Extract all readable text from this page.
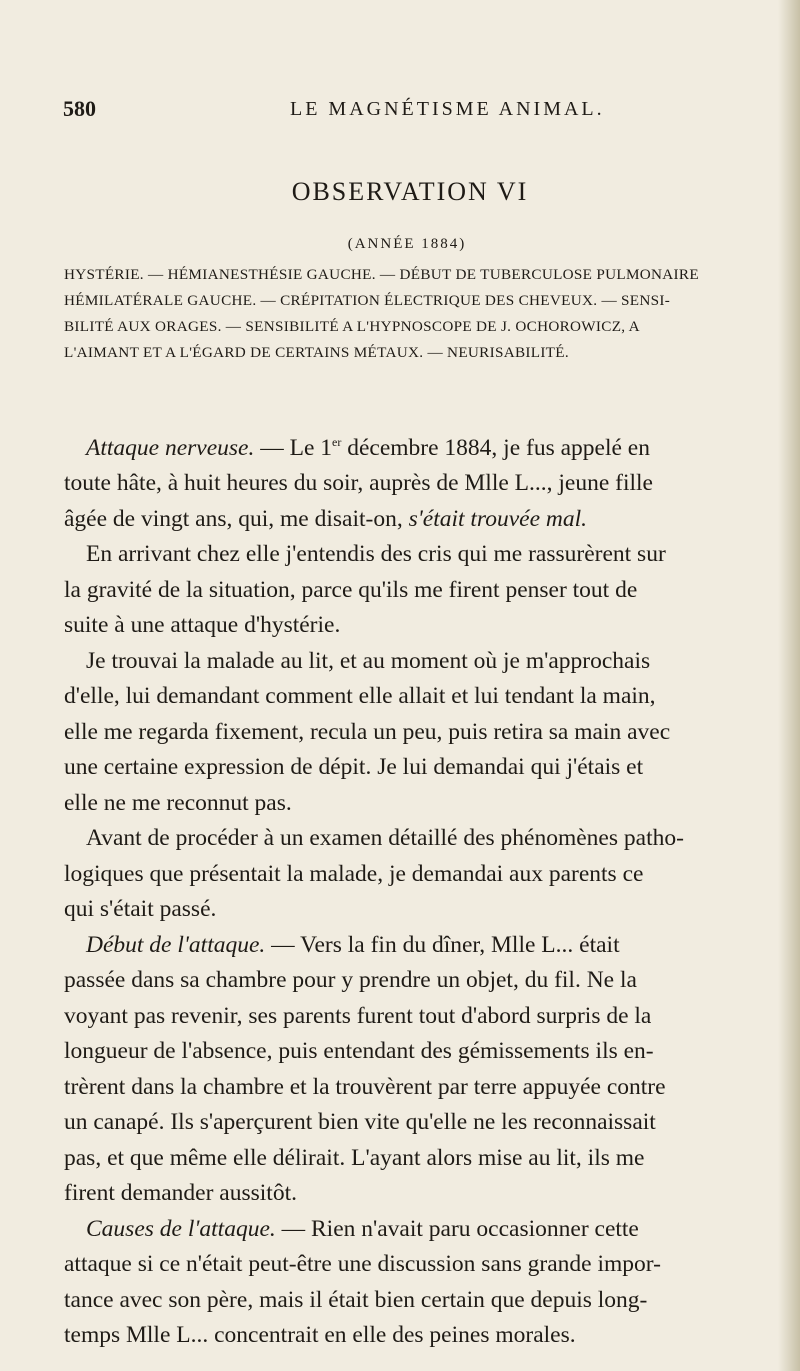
580	LE MAGNÉTISME ANIMAL.
OBSERVATION VI
(ANNÉE 1884)
HYSTÉRIE. — HÉMIANESTHÉSIE GAUCHE. — DÉBUT DE TUBERCULOSE PULMONAIRE
HÉMILATÉRALE GAUCHE. — CRÉPITATION ÉLECTRIQUE DES CHEVEUX. — SENSI-
BILITÉ AUX ORAGES. — SENSIBILITÉ A L'HYPNOSCOPE DE J. OCHOROWICZ, A
L'AIMANT ET A L'ÉGARD DE CERTAINS MÉTAUX. — NEURISABILITÉ.
Attaque nerveuse. — Le 1er décembre 1884, je fus appelé en
toute hâte, à huit heures du soir, auprès de Mlle L..., jeune fille
âgée de vingt ans, qui, me disait-on, s'était trouvée mal.
En arrivant chez elle j'entendis des cris qui me rassurèrent sur
la gravité de la situation, parce qu'ils me firent penser tout de
suite à une attaque d'hystérie.
Je trouvai la malade au lit, et au moment où je m'approchais
d'elle, lui demandant comment elle allait et lui tendant la main,
elle me regarda fixement, recula un peu, puis retira sa main avec
une certaine expression de dépit. Je lui demandai qui j'étais et
elle ne me reconnut pas.
Avant de procéder à un examen détaillé des phénomènes patho-
logiques que présentait la malade, je demandai aux parents ce
qui s'était passé.
Début de l'attaque. — Vers la fin du dîner, Mlle L... était
passée dans sa chambre pour y prendre un objet, du fil. Ne la
voyant pas revenir, ses parents furent tout d'abord surpris de la
longueur de l'absence, puis entendant des gémissements ils en-
trèrent dans la chambre et la trouvèrent par terre appuyée contre
un canapé. Ils s'aperçurent bien vite qu'elle ne les reconnaissait
pas, et que même elle délirait. L'ayant alors mise au lit, ils me
firent demander aussitôt.
Causes de l'attaque. — Rien n'avait paru occasionner cette
attaque si ce n'était peut-être une discussion sans grande impor-
tance avec son père, mais il était bien certain que depuis long-
temps Mlle L... concentrait en elle des peines morales.
